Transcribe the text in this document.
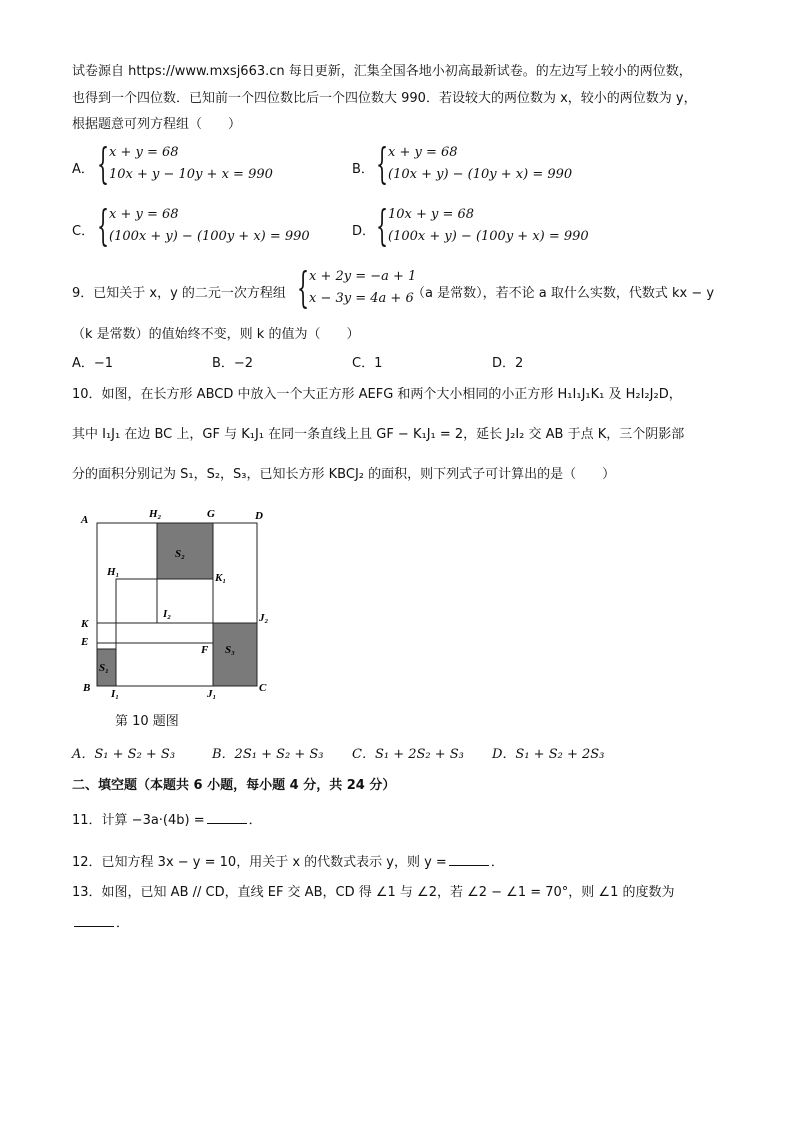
试卷源自 https://www.mxsj663.cn 每日更新，汇集全国各地小初高最新试卷。的左边写上较小的两位数，
也得到一个四位数．已知前一个四位数比后一个四位数大 990．若设较大的两位数为 x，较小的两位数为 y，
根据题意可列方程组（　　）
A． { x + y = 68
10x + y − 10y + x = 990	B． { x + y = 68
(10x + y) − (10y + x) = 990
C． { x + y = 68
(100x + y) − (100y + x) = 990	D． { 10x + y = 68
(100x + y) − (100y + x) = 990
9．已知关于 x，y 的二元一次方程组 { x + 2y = −a + 1
x − 3y = 4a + 6
（a 是常数），若不论 a 取什么实数，代数式 kx − y
（k 是常数）的值始终不变，则 k 的值为（　　）
A．−1	B．−2	C．1	D．2
10．如图，在长方形 ABCD 中放入一个大正方形 AEFG 和两个大小相同的小正方形 H₁I₁J₁K₁ 及 H₂I₂J₂D，
其中 I₁J₁ 在边 BC 上，GF 与 K₁J₁ 在同一条直线上且 GF − K₁J₁ = 2，延长 J₂I₂ 交 AB 于点 K，三个阴影部
分的面积分别记为 S₁，S₂，S₃，已知长方形 KBCJ₂ 的面积，则下列式子可计算出的是（　　）
A	H₂	G	D
S₂
H₁	K₁
I₂	J₂
K
E
F S₃
S₁
B I₁	J₁	C
第 10 题图
A．S₁ + S₂ + S₃	B．2S₁ + S₂ + S₃ C．S₁ + 2S₂ + S₃ D．S₁ + S₂ + 2S₃
二、填空题（本题共 6 小题，每小题 4 分，共 24 分）
11．计算 −3a·(4b) =	．
12．已知方程 3x − y = 10，用关于 x 的代数式表示 y，则 y =	．
13．如图，已知 AB // CD，直线 EF 交 AB，CD 得 ∠1 与 ∠2，若 ∠2 − ∠1 = 70°，则 ∠1 的度数为
．
